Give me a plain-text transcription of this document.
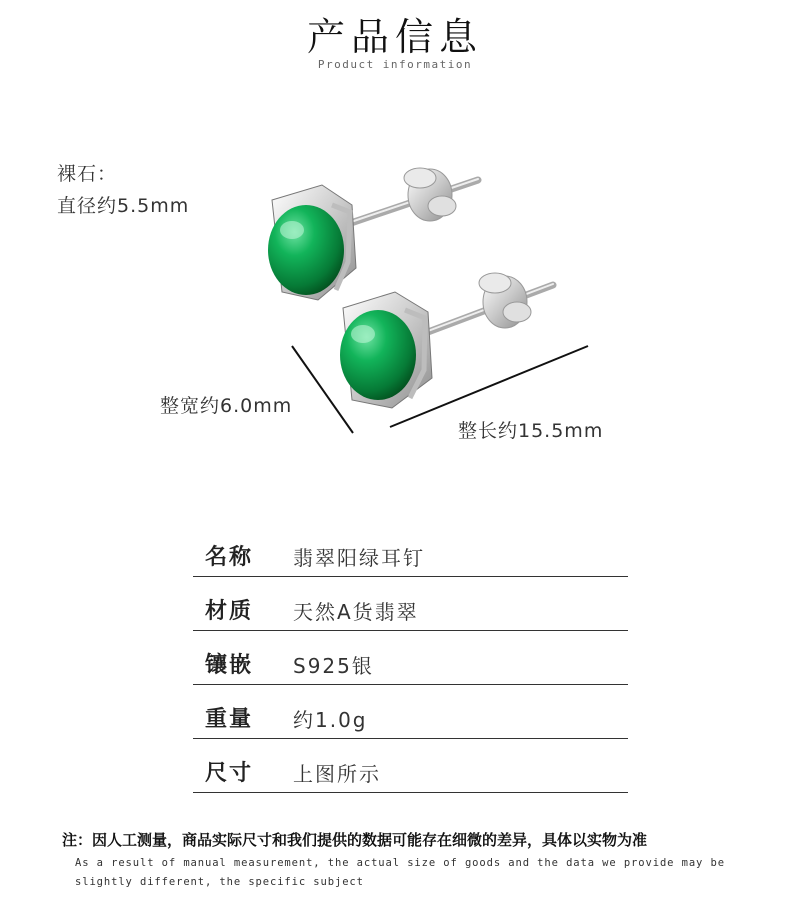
产品信息
Product information
裸石：
直径约5.5mm
整宽约6.0mm
整长约15.5mm
名称 翡翠阳绿耳钉
材质 天然A货翡翠
镶嵌 S925银
重量 约1.0g
尺寸 上图所示
注：因人工测量，商品实际尺寸和我们提供的数据可能存在细微的差异，具体以实物为准
As a result of manual measurement, the actual size of goods and the data we provide may be slightly different, the specific subject
